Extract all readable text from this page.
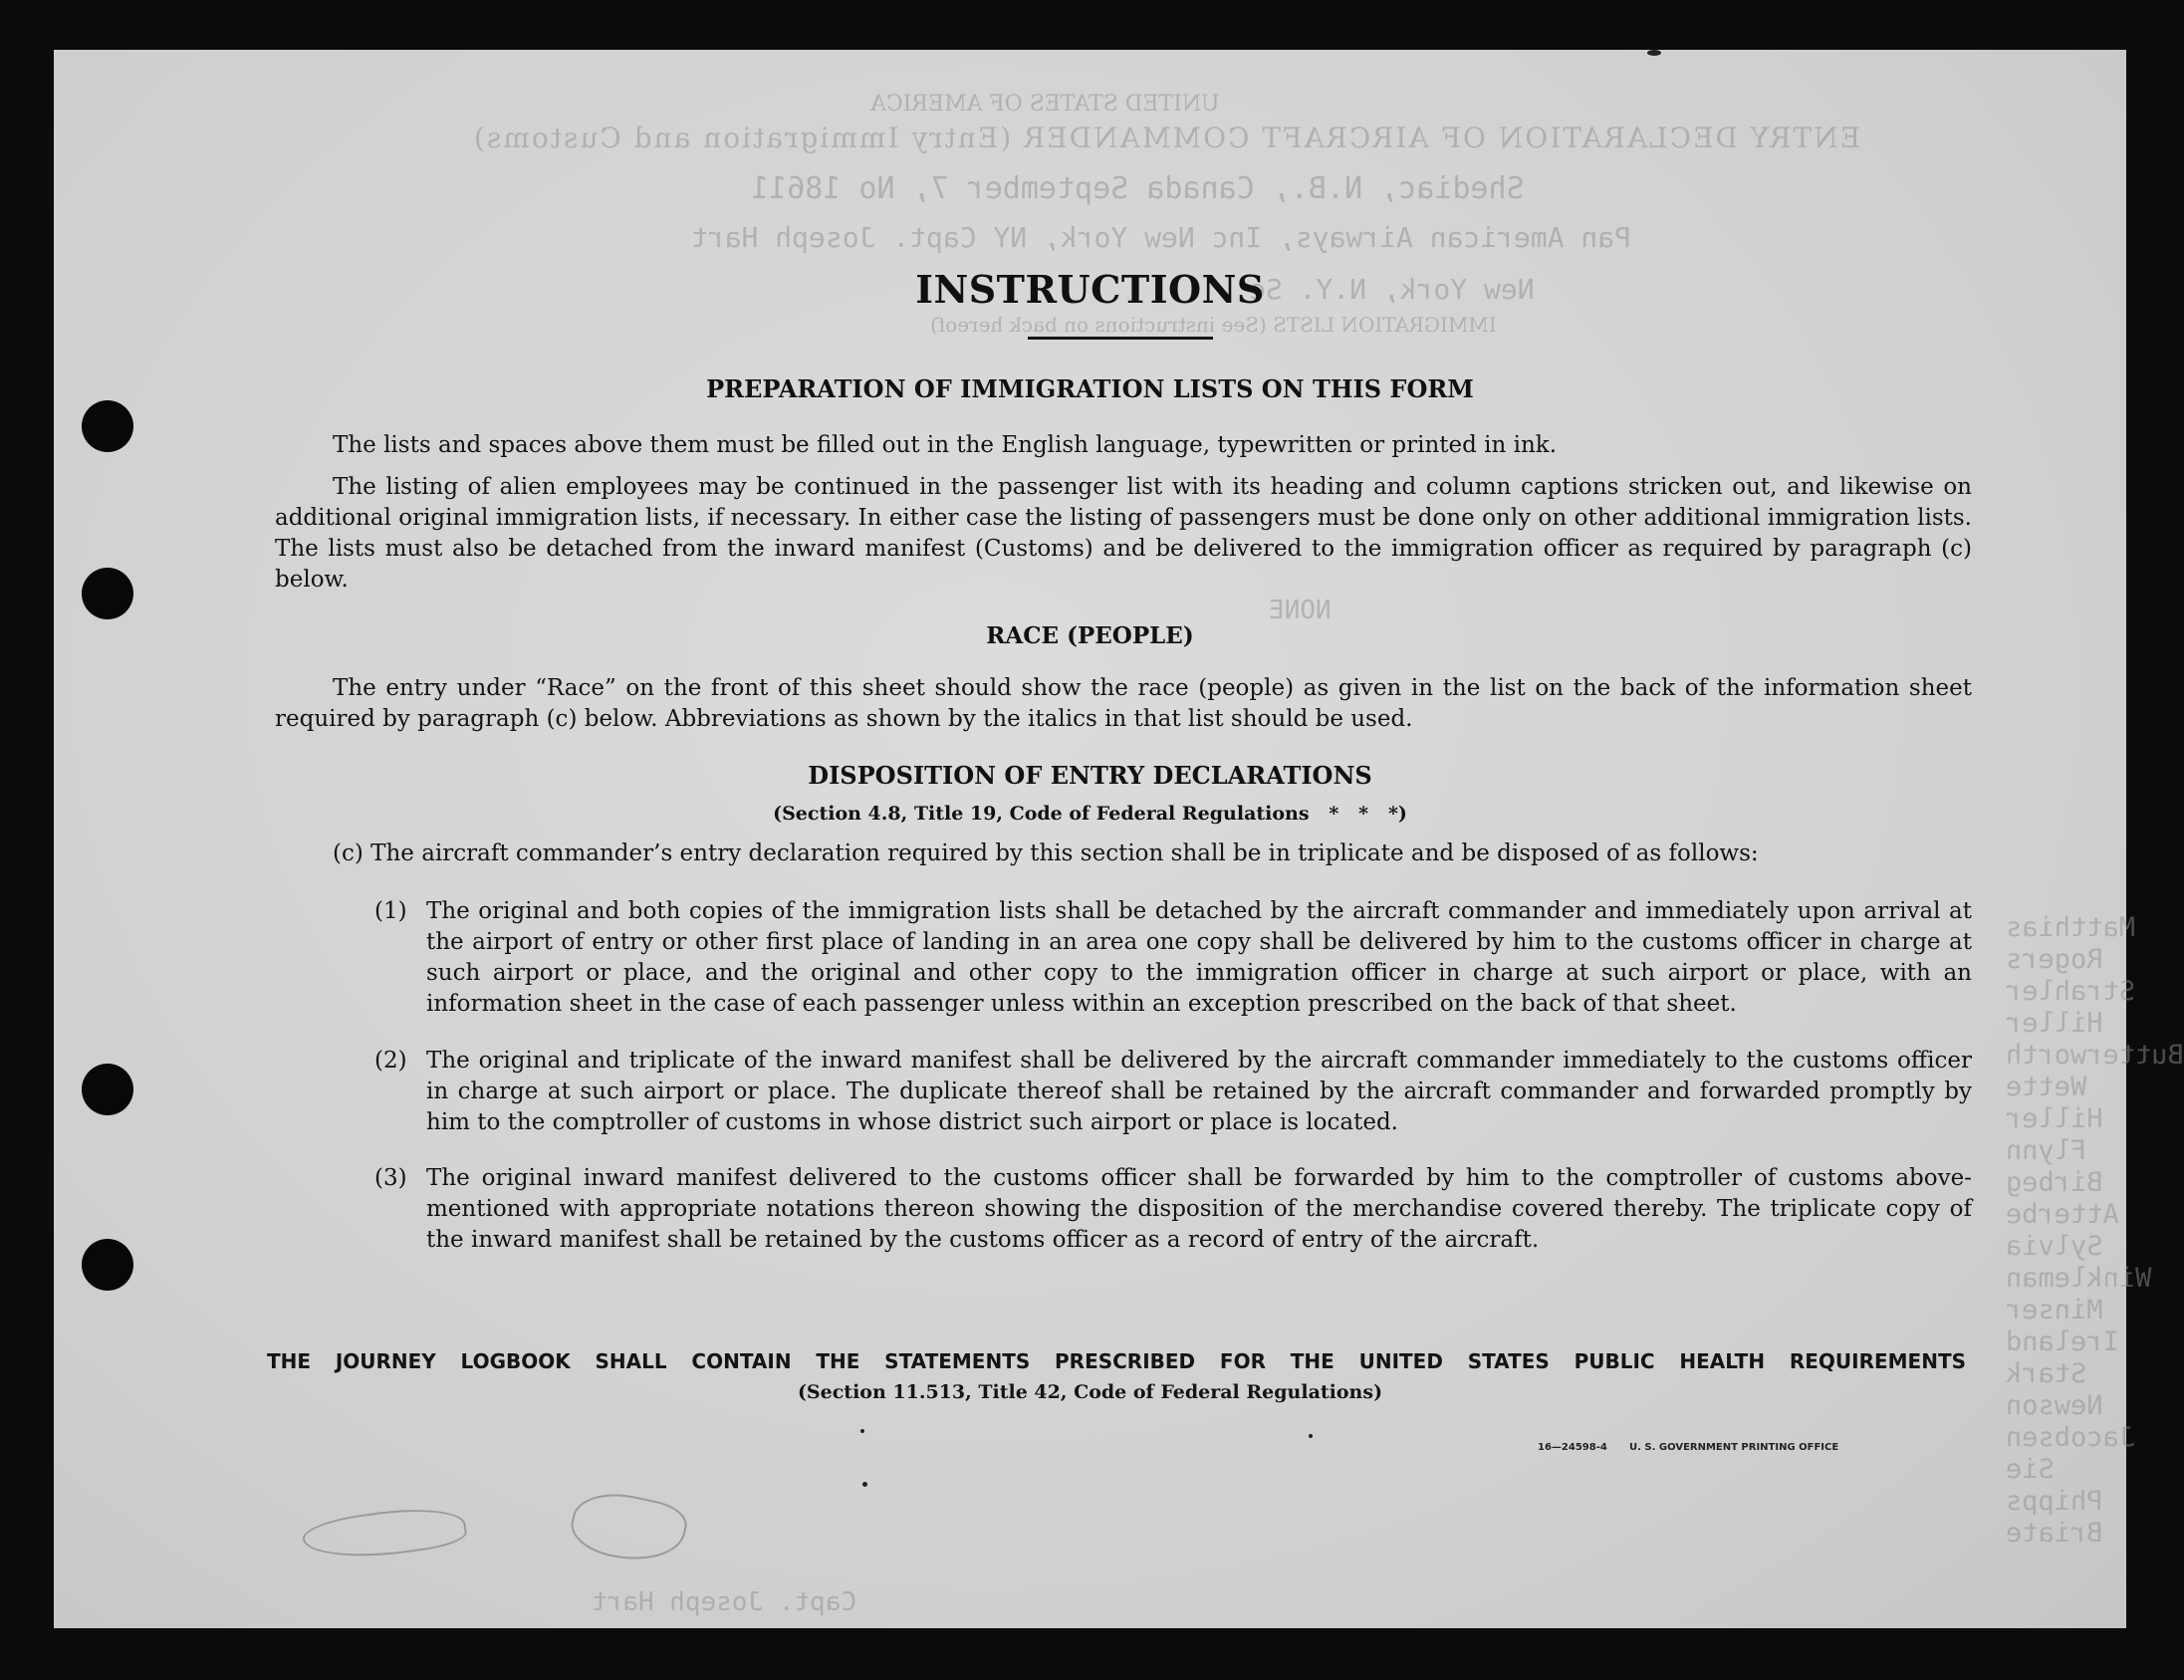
UNITED STATES OF AMERICA
ENTRY DECLARATION OF AIRCRAFT COMMANDER (Entry Immigration and Customs)
Shediac, N.B., Canada September 7, No 18611
Pan American Airways, Inc New York, NY Capt. Joseph Hart
New York, N.Y. Se
IMMIGRATION LISTS (See instructions on back hereof)
NONE
Matthias
Rogers
Strahler
Hiller
Butterworth
Wette
Hiller
Flynn
Birbeg
Atterbe
Sylvia
Winkleman
Minser
Ireland
Stark
Newson
Jacobsen
Sie
Phipps
Briate
Capt. Joseph Hart
INSTRUCTIONS
PREPARATION OF IMMIGRATION LISTS ON THIS FORM
The lists and spaces above them must be filled out in the English language, typewritten or printed in ink.
The listing of alien employees may be continued in the passenger list with its heading and column captions stricken out, and likewise on additional original immigration lists, if necessary. In either case the listing of passengers must be done only on other additional immigration lists. The lists must also be detached from the inward manifest (Customs) and be delivered to the immigration officer as required by paragraph (c) below.
RACE (PEOPLE)
The entry under “Race” on the front of this sheet should show the race (people) as given in the list on the back of the information sheet required by paragraph (c) below. Abbreviations as shown by the italics in that list should be used.
DISPOSITION OF ENTRY DECLARATIONS
(Section 4.8, Title 19, Code of Federal Regulations   *   *   *)
(c) The aircraft commander’s entry declaration required by this section shall be in triplicate and be disposed of as follows:
(1) The original and both copies of the immigration lists shall be detached by the aircraft commander and immediately upon arrival at the airport of entry or other first place of landing in an area one copy shall be delivered by him to the customs officer in charge at such airport or place, and the original and other copy to the immigration officer in charge at such airport or place, with an information sheet in the case of each passenger unless within an exception prescribed on the back of that sheet.
(2) The original and triplicate of the inward manifest shall be delivered by the aircraft commander immediately to the customs officer in charge at such airport or place. The duplicate thereof shall be retained by the aircraft commander and forwarded promptly by him to the comptroller of customs in whose district such airport or place is located.
(3) The original inward manifest delivered to the customs officer shall be forwarded by him to the comptroller of customs above-mentioned with appropriate notations thereon showing the disposition of the merchandise covered thereby. The triplicate copy of the inward manifest shall be retained by the customs officer as a record of entry of the aircraft.
THE JOURNEY LOGBOOK SHALL CONTAIN THE STATEMENTS PRESCRIBED FOR THE UNITED STATES PUBLIC HEALTH REQUIREMENTS
(Section 11.513, Title 42, Code of Federal Regulations)
16—24598-4 U. S. GOVERNMENT PRINTING OFFICE
